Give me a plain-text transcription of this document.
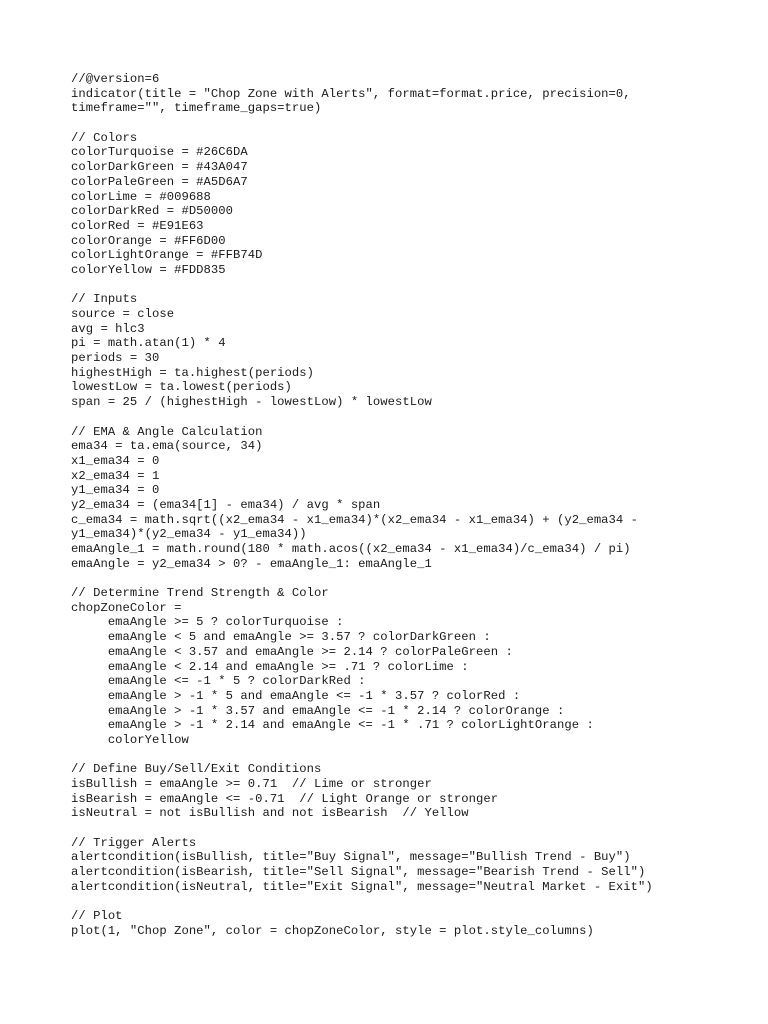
//@version=6
indicator(title = "Chop Zone with Alerts", format=format.price, precision=0,
timeframe="", timeframe_gaps=true)
// Colors
colorTurquoise = #26C6DA
colorDarkGreen = #43A047
colorPaleGreen = #A5D6A7
colorLime = #009688
colorDarkRed = #D50000
colorRed = #E91E63
colorOrange = #FF6D00
colorLightOrange = #FFB74D
colorYellow = #FDD835
// Inputs
source = close
avg = hlc3
pi = math.atan(1) * 4
periods = 30
highestHigh = ta.highest(periods)
lowestLow = ta.lowest(periods)
span = 25 / (highestHigh - lowestLow) * lowestLow
// EMA & Angle Calculation
ema34 = ta.ema(source, 34)
x1_ema34 = 0
x2_ema34 = 1
y1_ema34 = 0
y2_ema34 = (ema34[1] - ema34) / avg * span
c_ema34 = math.sqrt((x2_ema34 - x1_ema34)*(x2_ema34 - x1_ema34) + (y2_ema34 -
y1_ema34)*(y2_ema34 - y1_ema34))
emaAngle_1 = math.round(180 * math.acos((x2_ema34 - x1_ema34)/c_ema34) / pi)
emaAngle = y2_ema34 > 0? - emaAngle_1: emaAngle_1
// Determine Trend Strength & Color
chopZoneColor =
emaAngle >= 5 ? colorTurquoise :
emaAngle < 5 and emaAngle >= 3.57 ? colorDarkGreen :
emaAngle < 3.57 and emaAngle >= 2.14 ? colorPaleGreen :
emaAngle < 2.14 and emaAngle >= .71 ? colorLime :
emaAngle <= -1 * 5 ? colorDarkRed :
emaAngle > -1 * 5 and emaAngle <= -1 * 3.57 ? colorRed :
emaAngle > -1 * 3.57 and emaAngle <= -1 * 2.14 ? colorOrange :
emaAngle > -1 * 2.14 and emaAngle <= -1 * .71 ? colorLightOrange :
colorYellow
// Define Buy/Sell/Exit Conditions
isBullish = emaAngle >= 0.71  // Lime or stronger
isBearish = emaAngle <= -0.71  // Light Orange or stronger
isNeutral = not isBullish and not isBearish  // Yellow
// Trigger Alerts
alertcondition(isBullish, title="Buy Signal", message="Bullish Trend - Buy")
alertcondition(isBearish, title="Sell Signal", message="Bearish Trend - Sell")
alertcondition(isNeutral, title="Exit Signal", message="Neutral Market - Exit")
// Plot
plot(1, "Chop Zone", color = chopZoneColor, style = plot.style_columns)
